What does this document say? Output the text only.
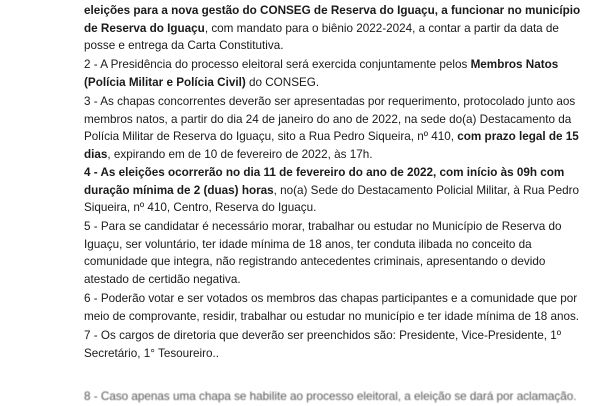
eleições para a nova gestão do CONSEG de Reserva do Iguaçu, a funcionar no município
de Reserva do Iguaçu, com mandato para o biênio 2022-2024, a contar a partir da data de
posse e entrega da Carta Constitutiva.
2 - A Presidência do processo eleitoral será exercida conjuntamente pelos Membros Natos
(Polícia Militar e Polícia Civil) do CONSEG.
3 - As chapas concorrentes deverão ser apresentadas por requerimento, protocolado junto aos
membros natos, a partir do dia 24 de janeiro do ano de 2022, na sede do(a) Destacamento da
Polícia Militar de Reserva do Iguaçu, sito a Rua Pedro Siqueira, nº 410, com prazo legal de 15
dias, expirando em de 10 de fevereiro de 2022, às 17h.
4 - As eleições ocorrerão no dia 11 de fevereiro do ano de 2022, com início às 09h com
duração mínima de 2 (duas) horas, no(a) Sede do Destacamento Policial Militar, à Rua Pedro
Siqueira, nº 410, Centro, Reserva do Iguaçu.
5 - Para se candidatar é necessário morar, trabalhar ou estudar no Município de Reserva do
Iguaçu, ser voluntário, ter idade mínima de 18 anos, ter conduta ilibada no conceito da
comunidade que integra, não registrando antecedentes criminais, apresentando o devido
atestado de certidão negativa.
6 - Poderão votar e ser votados os membros das chapas participantes e a comunidade que por
meio de comprovante, residir, trabalhar ou estudar no município e ter idade mínima de 18 anos.
7 - Os cargos de diretoria que deverão ser preenchidos são: Presidente, Vice-Presidente, 1º
Secretário, 1° Tesoureiro..
8 - Caso apenas uma chapa se habilite ao processo eleitoral, a eleição se dará por aclamação.
